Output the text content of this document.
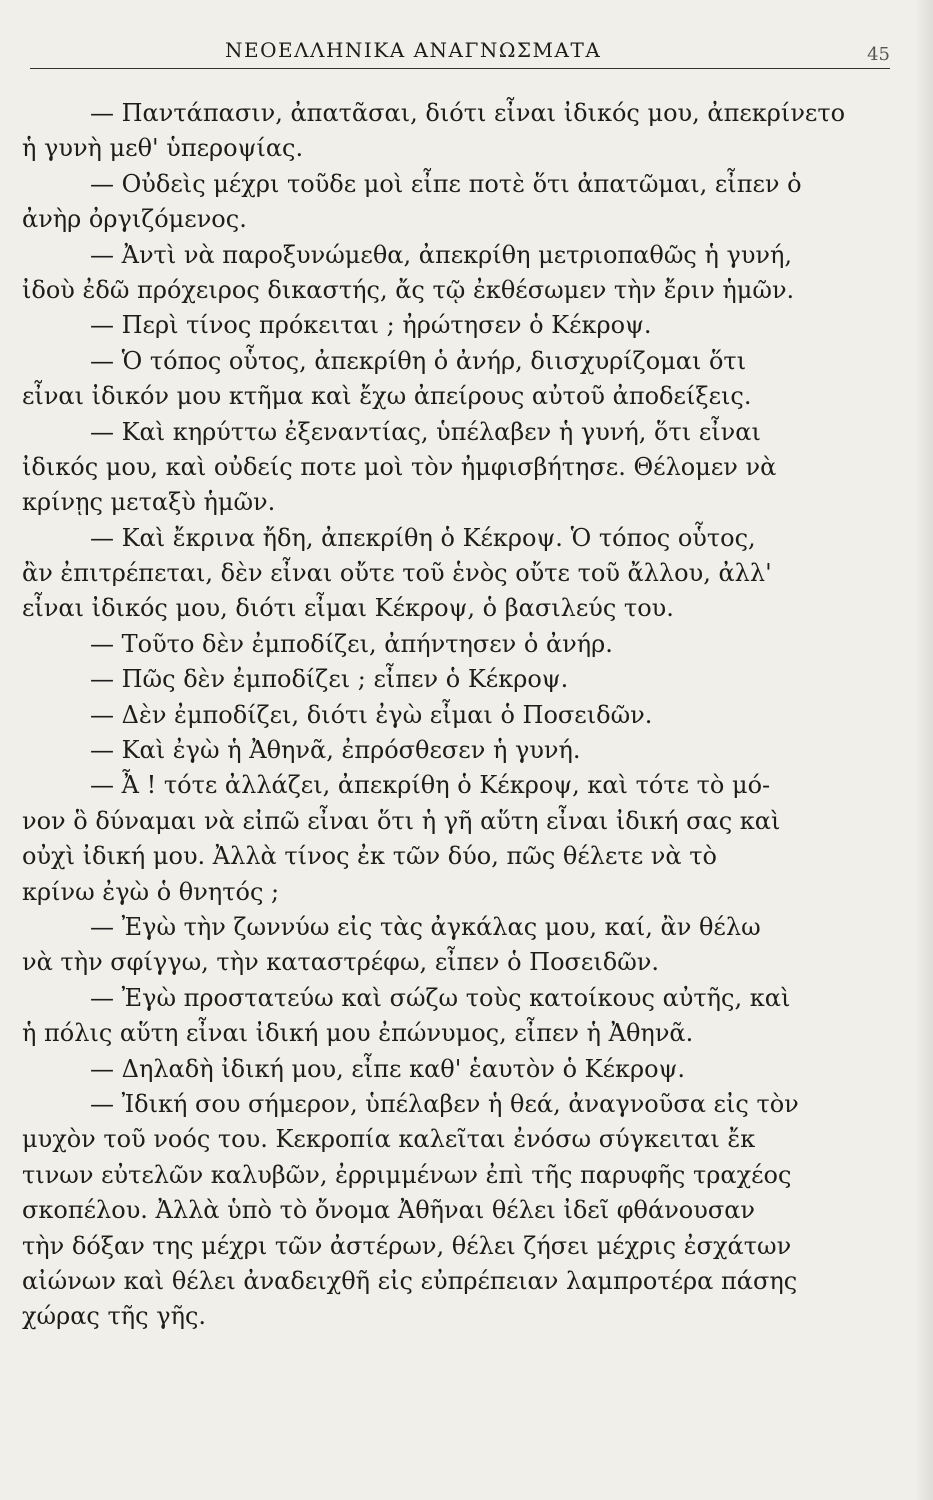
ΝΕΟΕΛΛΗΝΙΚΑ ΑΝΑΓΝΩΣΜΑΤΑ	45
— Παντάπασιν, ἀπατᾶσαι, διότι εἶναι ἰδικός μου, ἀπεκρίνετο
ἡ γυνὴ μεθ' ὑπεροψίας.
— Οὐδεὶς μέχρι τοῦδε μοὶ εἶπε ποτὲ ὅτι ἀπατῶμαι, εἶπεν ὁ
ἀνὴρ ὀργιζόμενος.
— Ἀντὶ νὰ παροξυνώμεθα, ἀπεκρίθη μετριοπαθῶς ἡ γυνή,
ἰδοὺ ἐδῶ πρόχειρος δικαστής, ἄς τῷ ἐκθέσωμεν τὴν ἔριν ἡμῶν.
— Περὶ τίνος πρόκειται ; ἠρώτησεν ὁ Κέκροψ.
— Ὁ τόπος οὗτος, ἀπεκρίθη ὁ ἀνήρ, διισχυρίζομαι ὅτι
εἶναι ἰδικόν μου κτῆμα καὶ ἔχω ἀπείρους αὐτοῦ ἀποδείξεις.
— Καὶ κηρύττω ἐξεναντίας, ὑπέλαβεν ἡ γυνή, ὅτι εἶναι
ἰδικός μου, καὶ οὐδείς ποτε μοὶ τὸν ἠμφισβήτησε. Θέλομεν νὰ
κρίνῃς μεταξὺ ἡμῶν.
— Καὶ ἔκρινα ἤδη, ἀπεκρίθη ὁ Κέκροψ. Ὁ τόπος οὗτος,
ἂν ἐπιτρέπεται, δὲν εἶναι οὔτε τοῦ ἑνὸς οὔτε τοῦ ἄλλου, ἀλλ'
εἶναι ἰδικός μου, διότι εἶμαι Κέκροψ, ὁ βασιλεύς του.
— Τοῦτο δὲν ἐμποδίζει, ἀπήντησεν ὁ ἀνήρ.
— Πῶς δὲν ἐμποδίζει ; εἶπεν ὁ Κέκροψ.
— Δὲν ἐμποδίζει, διότι ἐγὼ εἶμαι ὁ Ποσειδῶν.
— Καὶ ἐγὼ ἡ Ἀθηνᾶ, ἐπρόσθεσεν ἡ γυνή.
— Ἆ ! τότε ἀλλάζει, ἀπεκρίθη ὁ Κέκροψ, καὶ τότε τὸ μό-
νον ὃ δύναμαι νὰ εἰπῶ εἶναι ὅτι ἡ γῆ αὕτη εἶναι ἰδική σας καὶ
οὐχὶ ἰδική μου. Ἀλλὰ τίνος ἐκ τῶν δύο, πῶς θέλετε νὰ τὸ
κρίνω ἐγὼ ὁ θνητός ;
— Ἐγὼ τὴν ζωννύω εἰς τὰς ἀγκάλας μου, καί, ἂν θέλω
νὰ τὴν σφίγγω, τὴν καταστρέφω, εἶπεν ὁ Ποσειδῶν.
— Ἐγὼ προστατεύω καὶ σώζω τοὺς κατοίκους αὐτῆς, καὶ
ἡ πόλις αὕτη εἶναι ἰδική μου ἐπώνυμος, εἶπεν ἡ Ἀθηνᾶ.
— Δηλαδὴ ἰδική μου, εἶπε καθ' ἑαυτὸν ὁ Κέκροψ.
— Ἰδική σου σήμερον, ὑπέλαβεν ἡ θεά, ἀναγνοῦσα εἰς τὸν
μυχὸν τοῦ νοός του. Κεκροπία καλεῖται ἐνόσω σύγκειται ἔκ
τινων εὐτελῶν καλυβῶν, ἐρριμμένων ἐπὶ τῆς παρυφῆς τραχέος
σκοπέλου. Ἀλλὰ ὑπὸ τὸ ὄνομα Ἀθῆναι θέλει ἰδεῖ φθάνουσαν
τὴν δόξαν της μέχρι τῶν ἀστέρων, θέλει ζήσει μέχρις ἐσχάτων
αἰώνων καὶ θέλει ἀναδειχθῆ εἰς εὐπρέπειαν λαμπροτέρα πάσης
χώρας τῆς γῆς.
